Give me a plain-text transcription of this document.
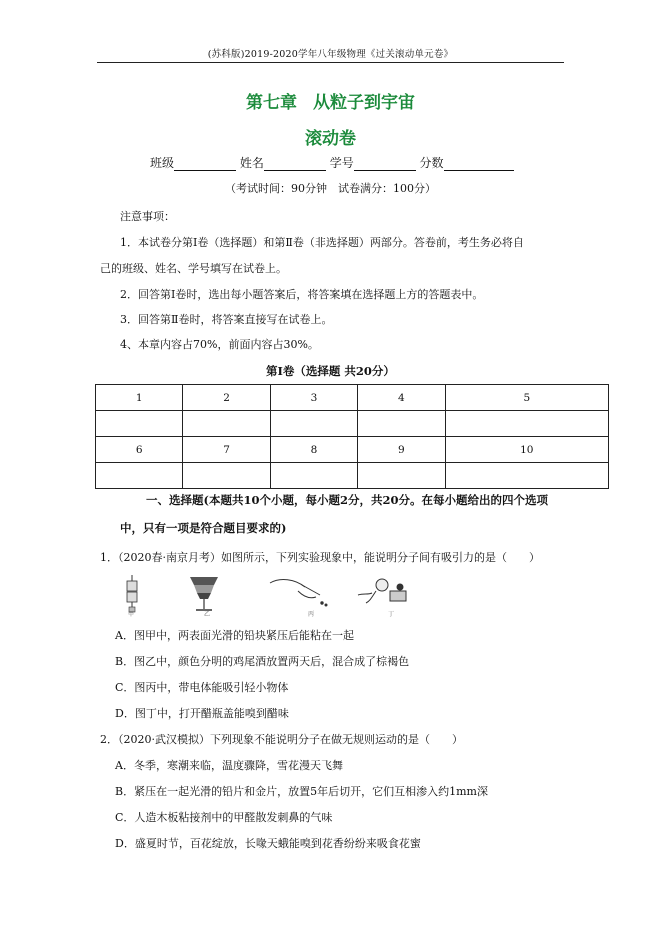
(苏科版)2019-2020学年八年级物理《过关滚动单元卷》
第七章 从粒子到宇宙
滚动卷
班级	姓名	学号	分数
（考试时间：90分钟　试卷满分：100分）
注意事项：
1．本试卷分第Ⅰ卷（选择题）和第Ⅱ卷（非选择题）两部分。答卷前，考生务必将自
己的班级、姓名、学号填写在试卷上。
2．回答第Ⅰ卷时，选出每小题答案后，将答案填在选择题上方的答题表中。
3．回答第Ⅱ卷时，将答案直接写在试卷上。
4、本章内容占70%，前面内容占30%。
第Ⅰ卷（选择题 共20分）
1	2	3	4	5

6	7	8	9	10

一、选择题(本题共10个小题，每小题2分，共20分。在每小题给出的四个选项
中，只有一项是符合题目要求的)
1．（2020春·南京月考）如图所示，下列实验现象中，能说明分子间有吸引力的是（　　）
甲	乙	丙	丁
A．图甲中，两表面光滑的铅块紧压后能粘在一起
B．图乙中，颜色分明的鸡尾酒放置两天后，混合成了棕褐色
C．图丙中，带电体能吸引轻小物体
D．图丁中，打开醋瓶盖能嗅到醋味
2．（2020·武汉模拟）下列现象不能说明分子在做无规则运动的是（　　）
A．冬季，寒潮来临，温度骤降，雪花漫天飞舞
B．紧压在一起光滑的铅片和金片，放置5年后切开，它们互相渗入约1mm深
C．人造木板粘接剂中的甲醛散发刺鼻的气味
D．盛夏时节，百花绽放，长喙天蛾能嗅到花香纷纷来吸食花蜜
